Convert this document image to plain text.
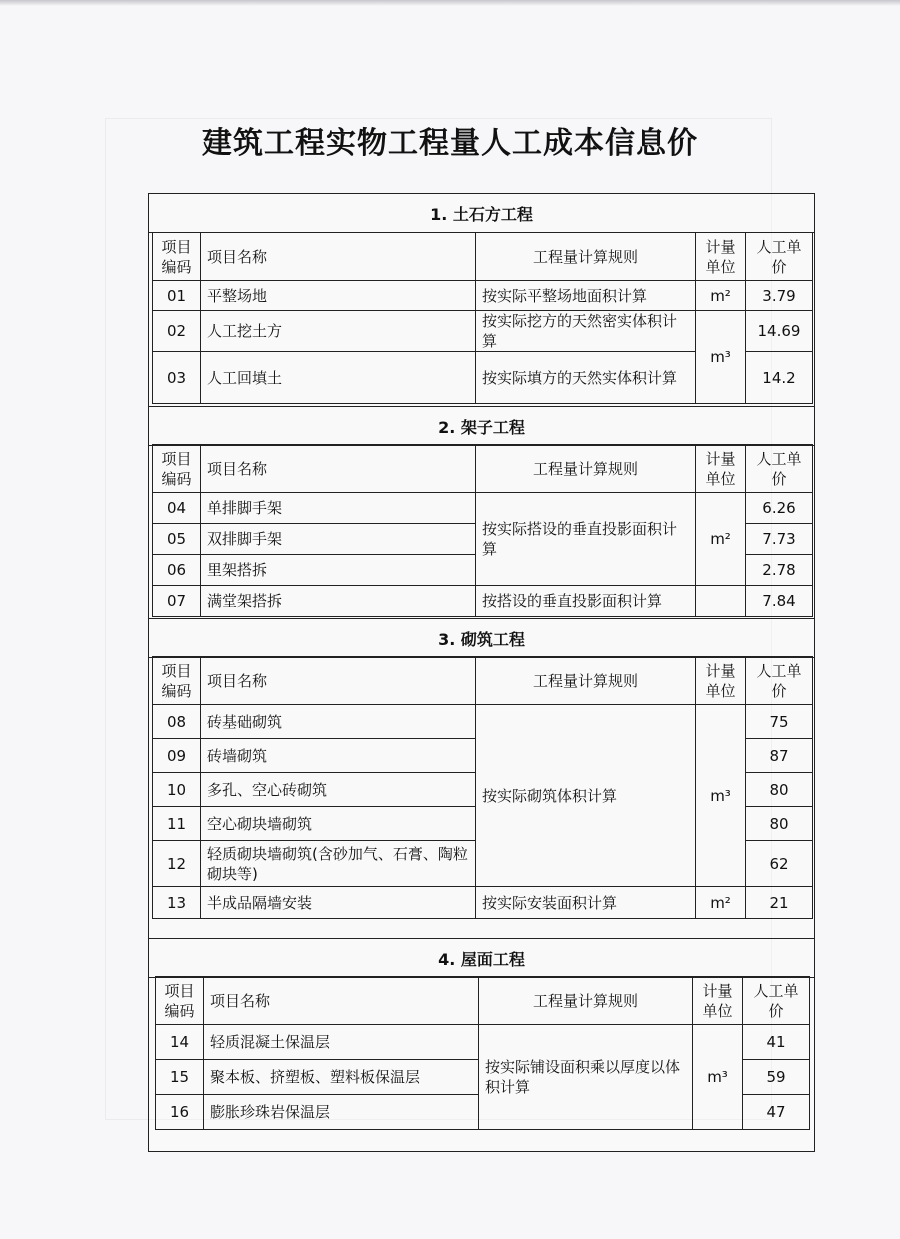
建筑工程实物工程量人工成本信息价
1. 土石方工程
项目编码	项目名称	工程量计算规则	计量单位	人工单价
01	平整场地	按实际平整场地面积计算	m²	3.79
02	人工挖土方	按实际挖方的天然密实体积计算	m³	14.69
03	人工回填土	按实际填方的天然实体积计算		14.2
2. 架子工程
项目编码	项目名称	工程量计算规则	计量单位	人工单价
04	单排脚手架	按实际搭设的垂直投影面积计算	m²	6.26
05	双排脚手架			7.73
06	里架搭拆			2.78
07	满堂架搭拆	按搭设的垂直投影面积计算		7.84
3. 砌筑工程
项目编码	项目名称	工程量计算规则	计量单位	人工单价
08	砖基础砌筑	按实际砌筑体积计算	m³	75
09	砖墙砌筑			87
10	多孔、空心砖砌筑			80
11	空心砌块墙砌筑			80
12	轻质砌块墙砌筑(含砂加气、石膏、陶粒砌块等)			62
13	半成品隔墙安装	按实际安装面积计算	m²	21
4. 屋面工程
项目编码	项目名称	工程量计算规则	计量单位	人工单价
14	轻质混凝土保温层	按实际铺设面积乘以厚度以体积计算	m³	41
15	聚本板、挤塑板、塑料板保温层			59
16	膨胀珍珠岩保温层			47
